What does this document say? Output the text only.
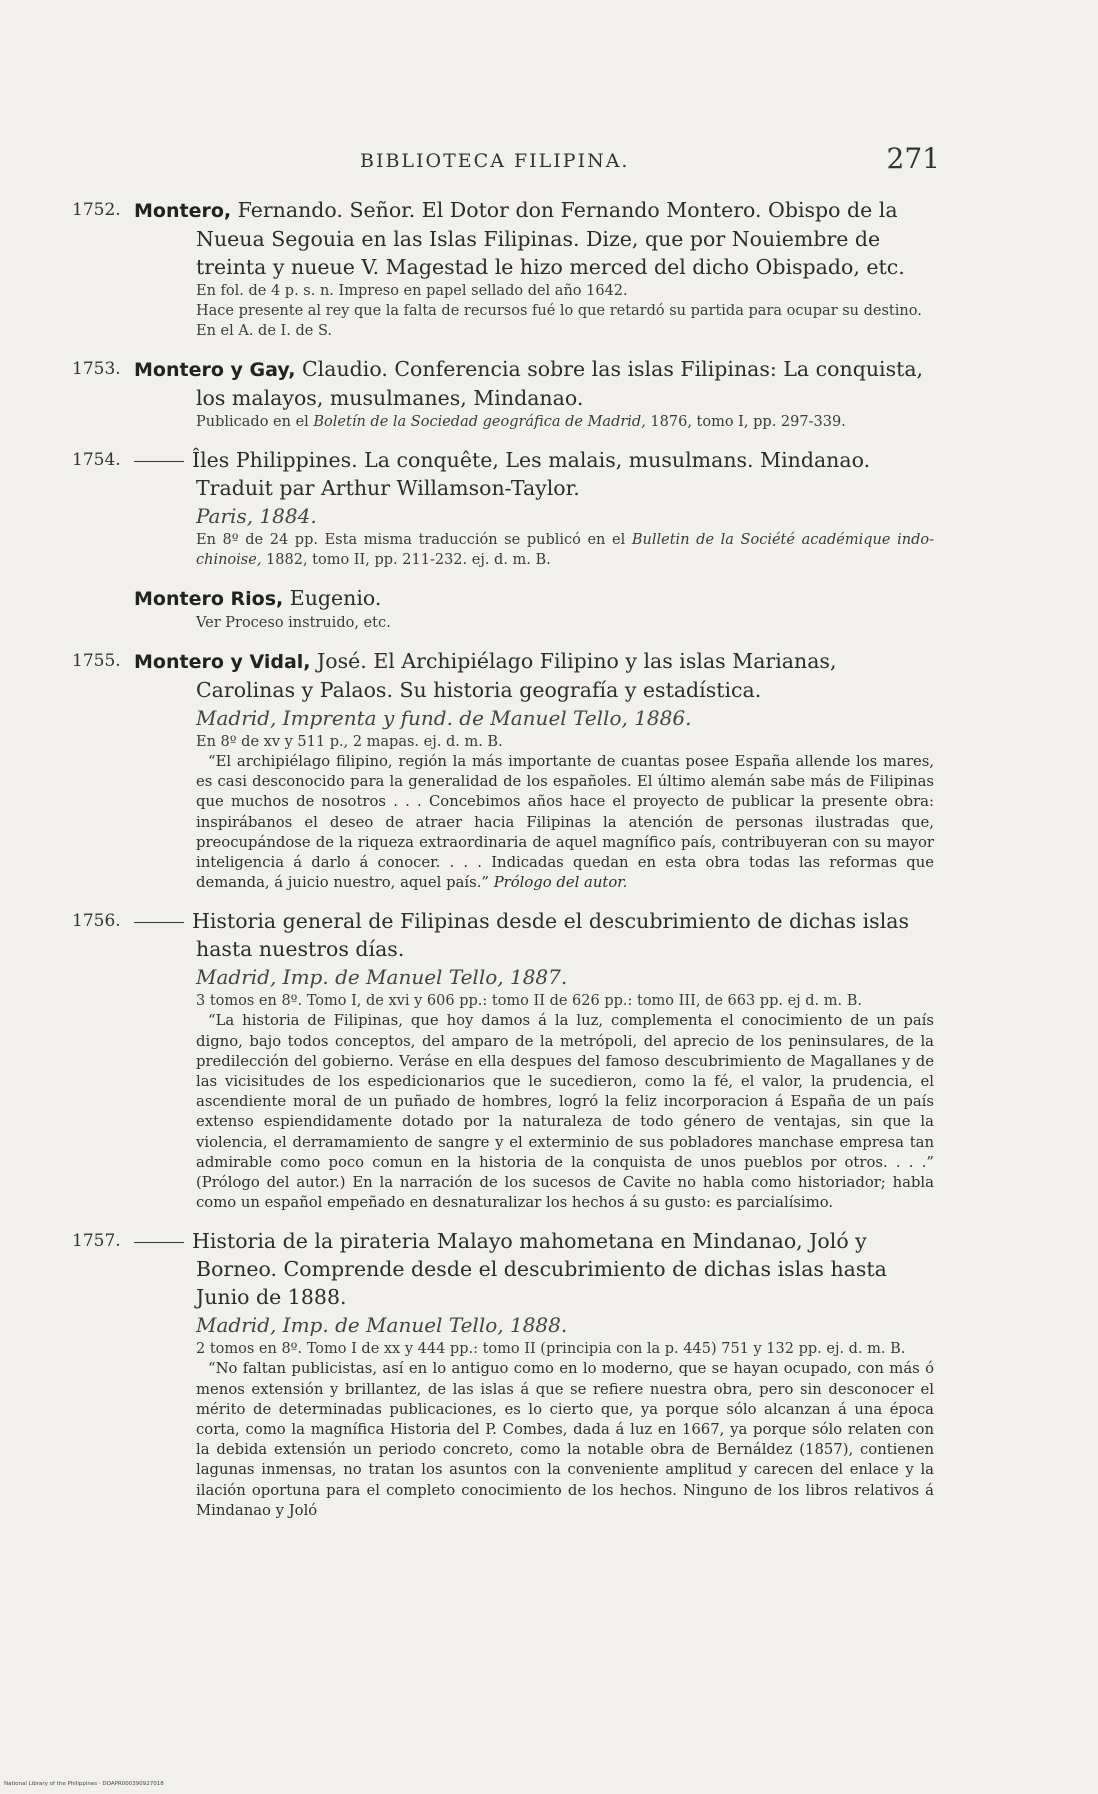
BIBLIOTECA FILIPINA.	271
1752. Montero, Fernando. Señor. El Dotor don Fernando Montero. Obispo de la Nueua Segouia en las Islas Filipinas. Dize, que por Nouiembre de treinta y nueue V. Magestad le hizo merced del dicho Obispado, etc.
En fol. de 4 p. s. n. Impreso en papel sellado del año 1642.
Hace presente al rey que la falta de recursos fué lo que retardó su partida para ocupar su destino.
En el A. de I. de S.
1753. Montero y Gay, Claudio. Conferencia sobre las islas Filipinas: La conquista, los malayos, musulmanes, Mindanao.
Publicado en el Boletín de la Sociedad geográfica de Madrid, 1876, tomo I, pp. 297-339.
1754.	Îles Philippines. La conquête, Les malais, musulmans. Mindanao. Traduit par Arthur Willamson-Taylor.
Paris, 1884.
En 8º de 24 pp. Esta misma traducción se publicó en el Bulletin de la Société académique indo-chinoise, 1882, tomo II, pp. 211-232. ej. d. m. B.
Montero Rios, Eugenio.
Ver Proceso instruido, etc.
1755. Montero y Vidal, José. El Archipiélago Filipino y las islas Marianas, Carolinas y Palaos. Su historia geografía y estadística.
Madrid, Imprenta y fund. de Manuel Tello, 1886.
En 8º de xv y 511 p., 2 mapas. ej. d. m. B.
“El archipiélago filipino, región la más importante de cuantas posee España allende los mares, es casi desconocido para la generalidad de los españoles. El último alemán sabe más de Filipinas que muchos de nosotros . . . Concebimos años hace el proyecto de publicar la presente obra: inspirábanos el deseo de atraer hacia Filipinas la atención de personas ilustradas que, preocupándose de la riqueza extraordinaria de aquel magnífico país, contribuyeran con su mayor inteligencia á darlo á conocer. . . . Indicadas quedan en esta obra todas las reformas que demanda, á juicio nuestro, aquel país.” Prólogo del autor.
1756.	Historia general de Filipinas desde el descubrimiento de dichas islas hasta nuestros días.
Madrid, Imp. de Manuel Tello, 1887.
3 tomos en 8º. Tomo I, de xvi y 606 pp.: tomo II de 626 pp.: tomo III, de 663 pp. ej d. m. B.
“La historia de Filipinas, que hoy damos á la luz, complementa el conocimiento de un país digno, bajo todos conceptos, del amparo de la metrópoli, del aprecio de los peninsulares, de la predilección del gobierno. Veráse en ella despues del famoso descubrimiento de Magallanes y de las vicisitudes de los espedicionarios que le sucedieron, como la fé, el valor, la prudencia, el ascendiente moral de un puñado de hombres, logró la feliz incorporacion á España de un país extenso espiendidamente dotado por la naturaleza de todo género de ventajas, sin que la violencia, el derramamiento de sangre y el exterminio de sus pobladores manchase empresa tan admirable como poco comun en la historia de la conquista de unos pueblos por otros. . . .” (Prólogo del autor.) En la narración de los sucesos de Cavite no habla como historiador; habla como un español empeñado en desnaturalizar los hechos á su gusto: es parcialísimo.
1757.	Historia de la pirateria Malayo mahometana en Mindanao, Joló y Borneo. Comprende desde el descubrimiento de dichas islas hasta Junio de 1888.
Madrid, Imp. de Manuel Tello, 1888.
2 tomos en 8º. Tomo I de xx y 444 pp.: tomo II (principia con la p. 445) 751 y 132 pp. ej. d. m. B.
“No faltan publicistas, así en lo antiguo como en lo moderno, que se hayan ocupado, con más ó menos extensión y brillantez, de las islas á que se refiere nuestra obra, pero sin desconocer el mérito de determinadas publicaciones, es lo cierto que, ya porque sólo alcanzan á una época corta, como la magnífica Historia del P. Combes, dada á luz en 1667, ya porque sólo relaten con la debida extensión un periodo concreto, como la notable obra de Bernáldez (1857), contienen lagunas inmensas, no tratan los asuntos con la conveniente amplitud y carecen del enlace y la ilación oportuna para el completo conocimiento de los hechos. Ninguno de los libros relativos á Mindanao y Joló
National Library of the Philippines · DOAPR000390927018
